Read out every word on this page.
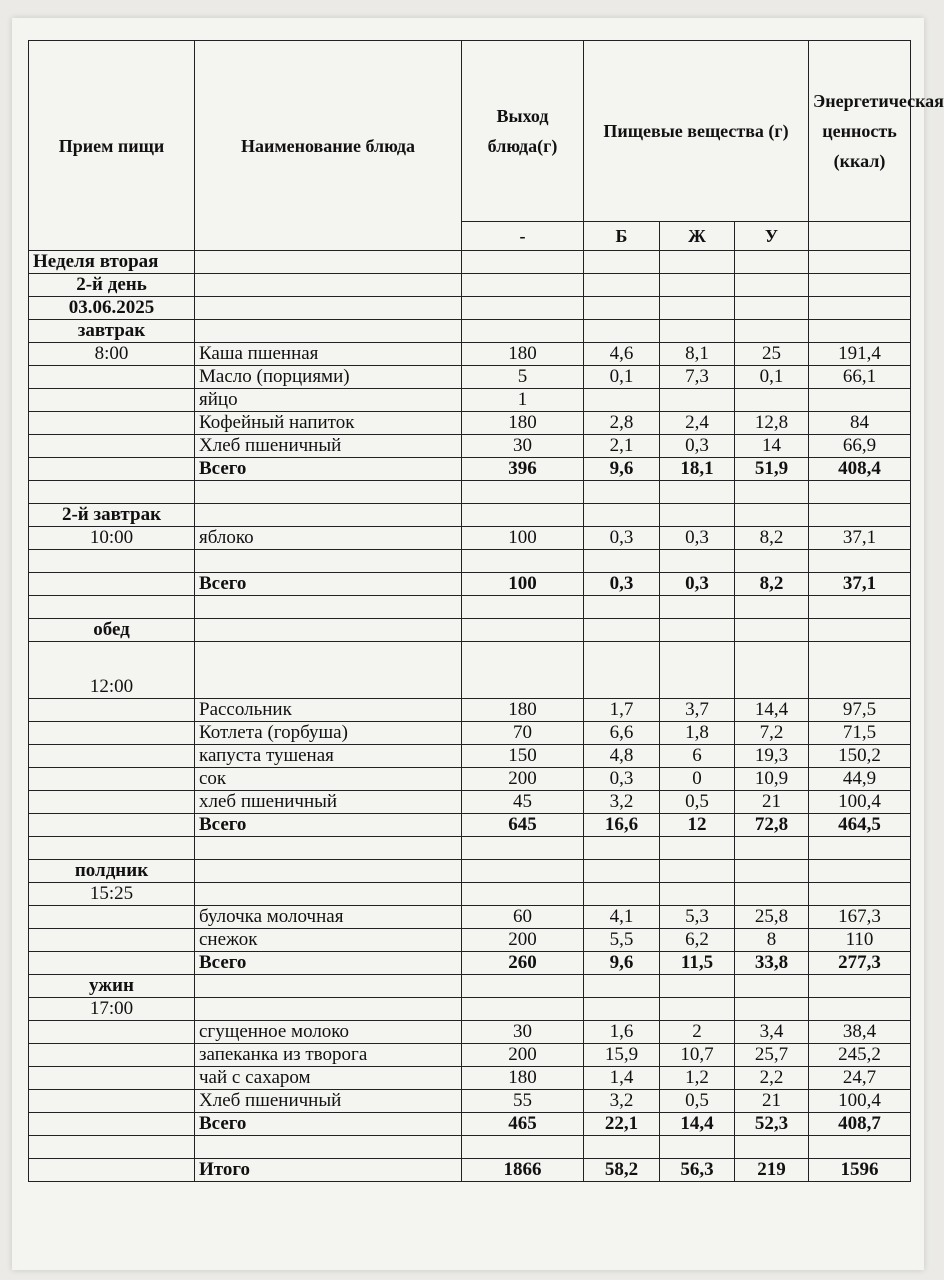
Прием пищи	Наименование блюда	Выход блюда(г)	Пищевые вещества (г)			Энергетическая ценность (ккал)
		-	Б	Ж	У	
Неделя вторая						
2-й день						
03.06.2025						
завтрак						
8:00	Каша пшенная	180	4,6	8,1	25	191,4
	Масло (порциями)	5	0,1	7,3	0,1	66,1
	яйцо	1				
	Кофейный напиток	180	2,8	2,4	12,8	84
	Хлеб пшеничный	30	2,1	0,3	14	66,9
	Всего	396	9,6	18,1	51,9	408,4

2-й завтрак						
10:00	яблоко	100	0,3	0,3	8,2	37,1

	Всего	100	0,3	0,3	8,2	37,1

обед						
12:00						
	Рассольник	180	1,7	3,7	14,4	97,5
	Котлета (горбуша)	70	6,6	1,8	7,2	71,5
	капуста тушеная	150	4,8	6	19,3	150,2
	сок	200	0,3	0	10,9	44,9
	хлеб пшеничный	45	3,2	0,5	21	100,4
	Всего	645	16,6	12	72,8	464,5

полдник						
15:25						
	булочка молочная	60	4,1	5,3	25,8	167,3
	снежок	200	5,5	6,2	8	110
	Всего	260	9,6	11,5	33,8	277,3
ужин						
17:00						
	сгущенное молоко	30	1,6	2	3,4	38,4
	запеканка из творога	200	15,9	10,7	25,7	245,2
	чай с сахаром	180	1,4	1,2	2,2	24,7
	Хлеб пшеничный	55	3,2	0,5	21	100,4
	Всего	465	22,1	14,4	52,3	408,7

	Итого	1866	58,2	56,3	219	1596
